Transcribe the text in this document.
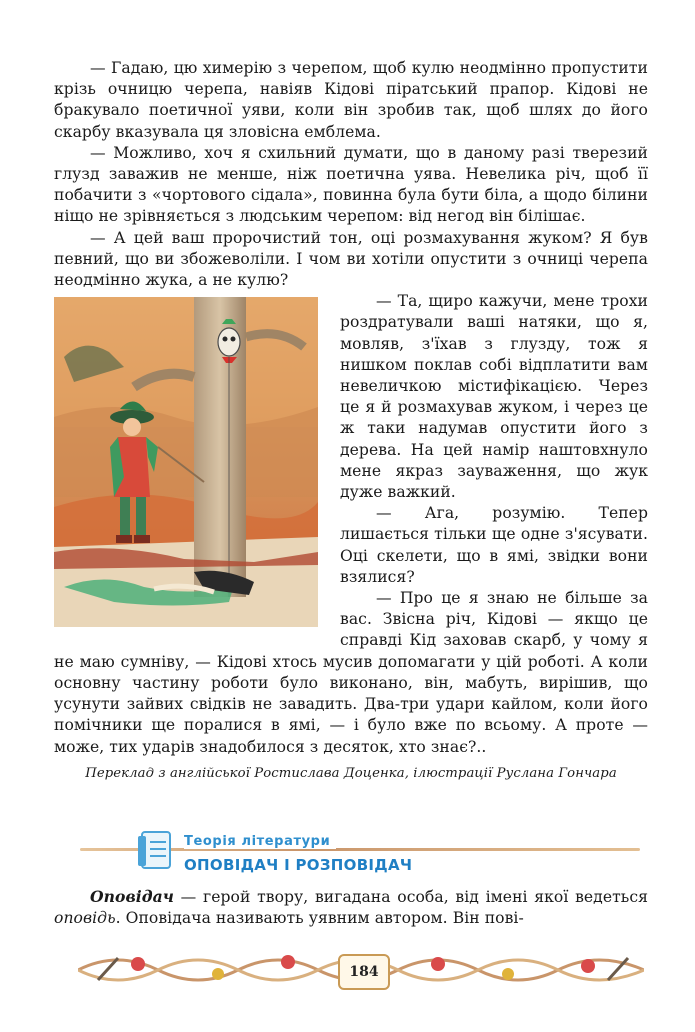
— Гадаю, цю химерію з черепом, щоб кулю неодмінно пропустити крізь очницю черепа, навіяв Кідові піратський прапор. Кідові не бракувало поетичної уяви, коли він зробив так, щоб шлях до його скарбу вказувала ця зловісна емблема.

— Можливо, хоч я схильний думати, що в даному разі тверезий глузд заважив не менше, ніж поетична уява. Невелика річ, щоб її побачити з «чортового сідала», повинна була бути біла, а щодо білини ніщо не зрівняється з людським черепом: від негод він білішає.

— А цей ваш пророчистий тон, оці розмахування жуком? Я був певний, що ви збожеволіли. І чом ви хотіли опустити з очниці черепа неодмінно жука, а не кулю?

— Та, щиро кажучи, мене трохи роздратували ваші натяки, що я, мовляв, з'їхав з глузду, тож я нишком поклав собі відплатити вам невеличкою містифікацією. Через це я й розмахував жуком, і через це ж таки надумав опустити його з дерева. На цей намір наштовхнуло мене якраз зауваження, що жук дуже важкий.

— Ага, розумію. Тепер лишається тільки ще одне з'ясувати. Оці скелети, що в ямі, звідки вони взялися?

— Про це я знаю не більше за вас. Звісна річ, Кідові — якщо це справді Кід заховав скарб, у чому я не маю сумніву, — Кідові хтось мусив допомагати у цій роботі. А коли основну частину роботи було виконано, він, мабуть, вирішив, що усунути зайвих свідків не завадить. Два-три удари кайлом, коли його помічники ще поралися в ямі, — і було вже по всьому. А проте — може, тих ударів знадобилося з десяток, хто знає?..

Переклад з англійської Ростислава Доценка, ілюстрації Руслана Гончара
Теорія літератури
ОПОВІДАЧ І РОЗПОВІДАЧ

Оповідач — герой твору, вигадана особа, від імені якої ведеться оповідь. Оповідача називають уявним автором. Він пові-

184
